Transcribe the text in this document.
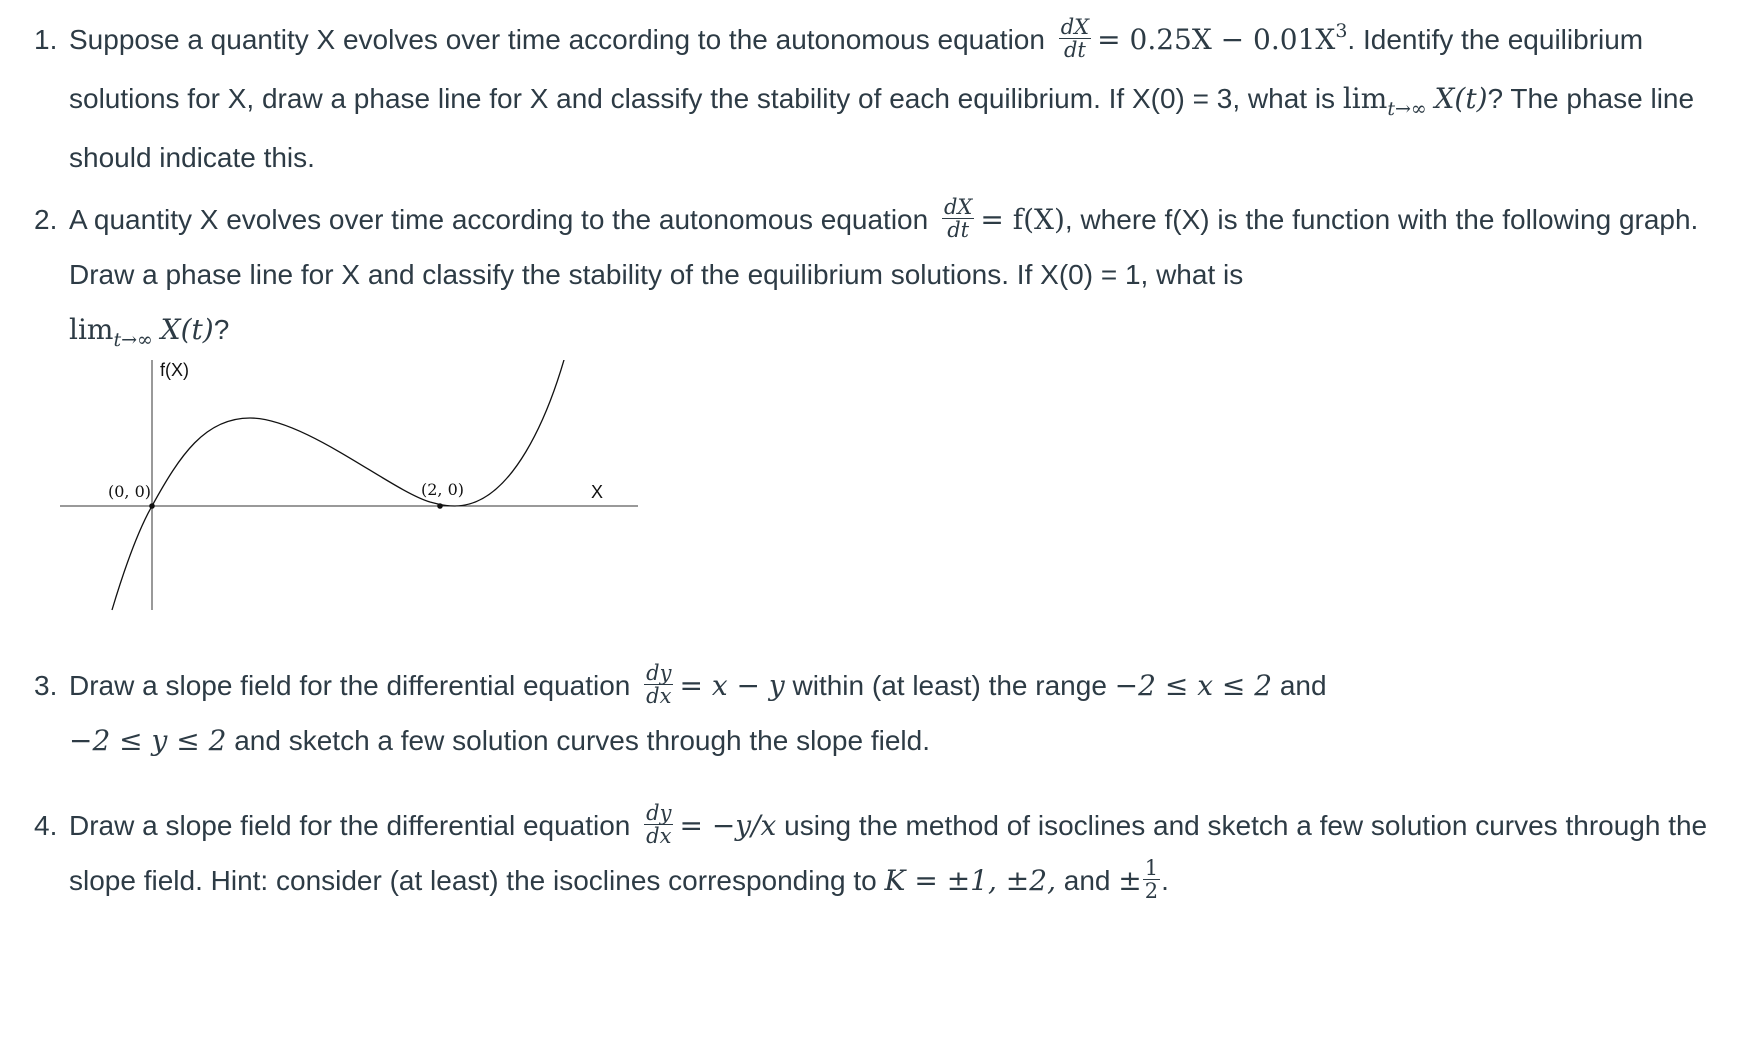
1. Suppose a quantity X evolves over time according to the autonomous equation $\frac{dX}{dt} = 0.25X - 0.01X^3$. Identify the equilibrium solutions for X, draw a phase line for X and classify the stability of each equilibrium. If X(0) = 3, what is $\lim_{t\to\infty} X(t)$? The phase line should indicate this.
2. A quantity X evolves over time according to the autonomous equation $\frac{dX}{dt} = f(X)$, where f(X) is the function with the following graph. Draw a phase line for X and classify the stability of the equilibrium solutions. If X(0) = 1, what is
$\lim_{t\to\infty} X(t)$?
f(X)
X
(0, 0)	(2, 0)
3. Draw a slope field for the differential equation $\frac{dy}{dx} = x - y$ within (at least) the range −2 ≤ x ≤ 2 and
−2 ≤ y ≤ 2 and sketch a few solution curves through the slope field.
4. Draw a slope field for the differential equation $\frac{dy}{dx} = -y/x$ using the method of isoclines and sketch a few solution curves through the slope field. Hint: consider (at least) the isoclines corresponding to K = ±1, ±2, and ± $\frac{1}{2}$ .
